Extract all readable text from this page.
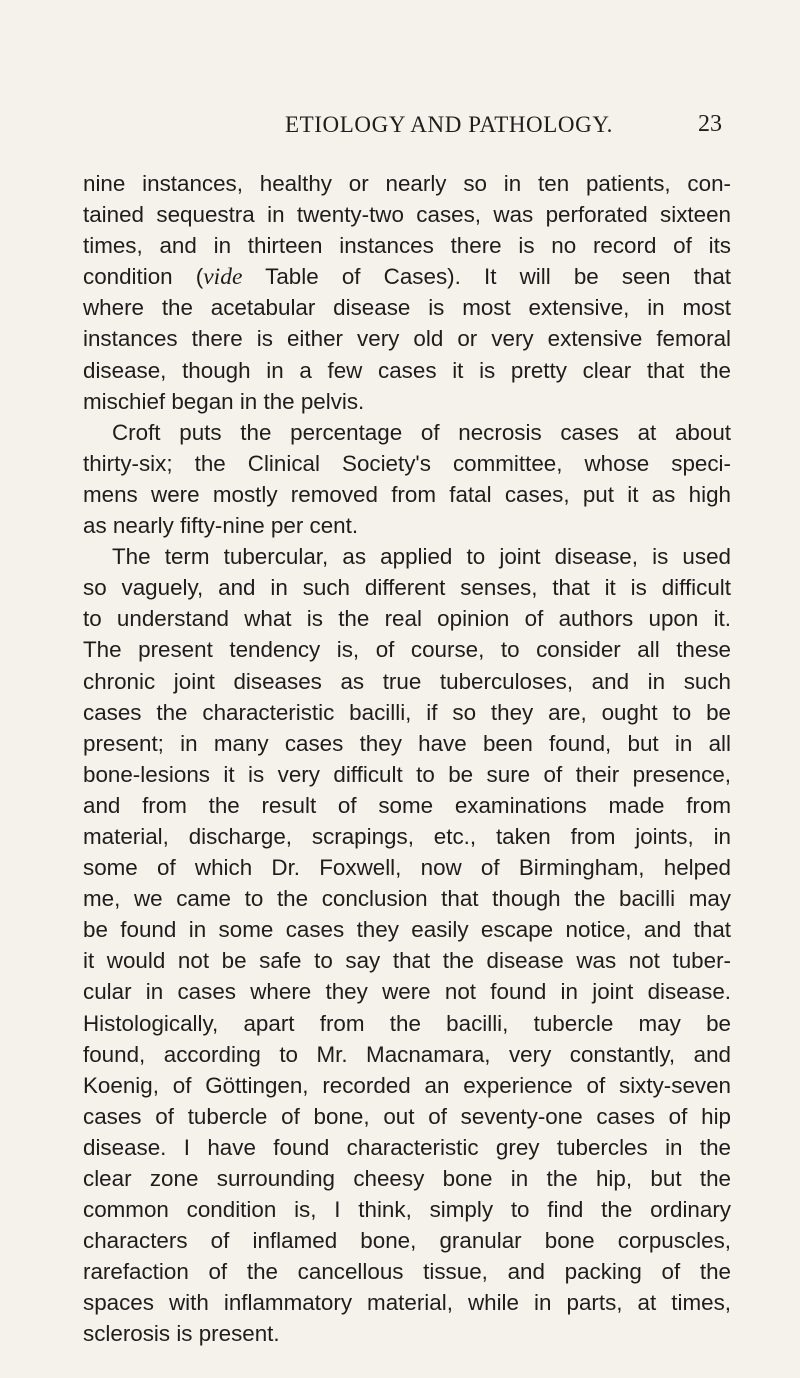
ETIOLOGY AND PATHOLOGY.	23
nine instances, healthy or nearly so in ten patients, con-
tained sequestra in twenty-two cases, was perforated sixteen
times, and in thirteen instances there is no record of its
condition (vide Table of Cases). It will be seen that
where the acetabular disease is most extensive, in most
instances there is either very old or very extensive femoral
disease, though in a few cases it is pretty clear that the
mischief began in the pelvis.
Croft puts the percentage of necrosis cases at about
thirty-six; the Clinical Society's committee, whose speci-
mens were mostly removed from fatal cases, put it as high
as nearly fifty-nine per cent.
The term tubercular, as applied to joint disease, is used
so vaguely, and in such different senses, that it is difficult
to understand what is the real opinion of authors upon it.
The present tendency is, of course, to consider all these
chronic joint diseases as true tuberculoses, and in such
cases the characteristic bacilli, if so they are, ought to be
present; in many cases they have been found, but in all
bone-lesions it is very difficult to be sure of their presence,
and from the result of some examinations made from
material, discharge, scrapings, etc., taken from joints, in
some of which Dr. Foxwell, now of Birmingham, helped
me, we came to the conclusion that though the bacilli may
be found in some cases they easily escape notice, and that
it would not be safe to say that the disease was not tuber-
cular in cases where they were not found in joint disease.
Histologically, apart from the bacilli, tubercle may be
found, according to Mr. Macnamara, very constantly, and
Koenig, of Göttingen, recorded an experience of sixty-seven
cases of tubercle of bone, out of seventy-one cases of hip
disease. I have found characteristic grey tubercles in the
clear zone surrounding cheesy bone in the hip, but the
common condition is, I think, simply to find the ordinary
characters of inflamed bone, granular bone corpuscles,
rarefaction of the cancellous tissue, and packing of the
spaces with inflammatory material, while in parts, at times,
sclerosis is present.
